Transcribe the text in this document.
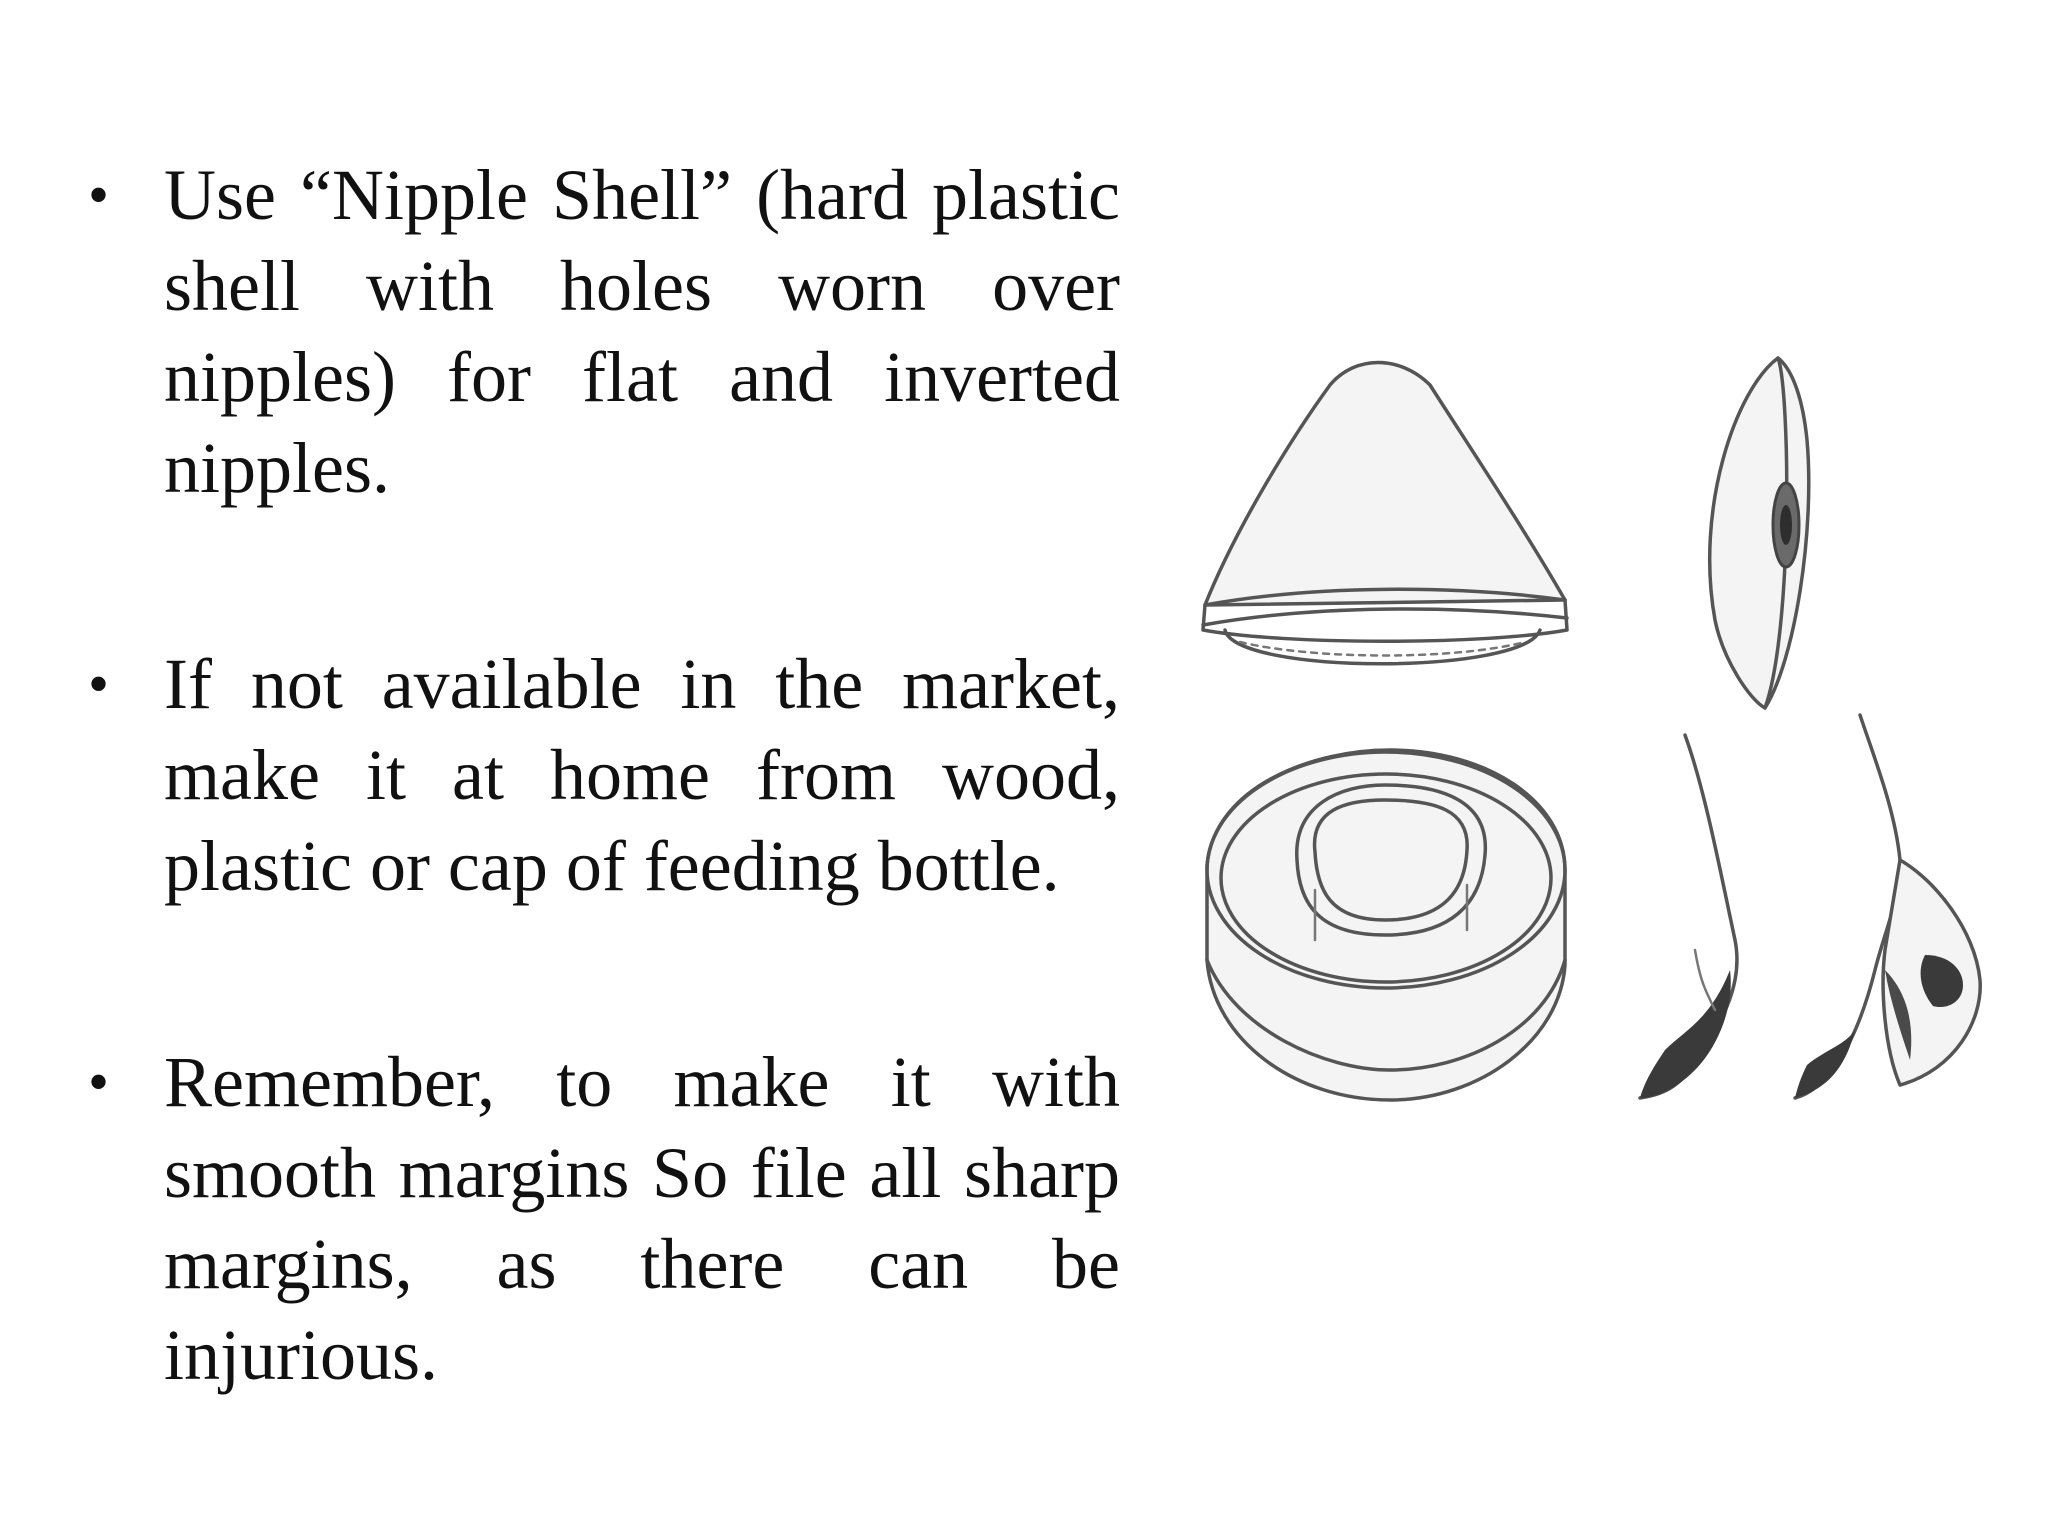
• Use “Nipple Shell” (hard plastic shell with holes worn over nipples) for flat and inverted nipples.
• If not available in the market, make it at home from wood, plastic or cap of feeding bottle.
• Remember, to make it with smooth margins So file all sharp margins, as there can be injurious.
